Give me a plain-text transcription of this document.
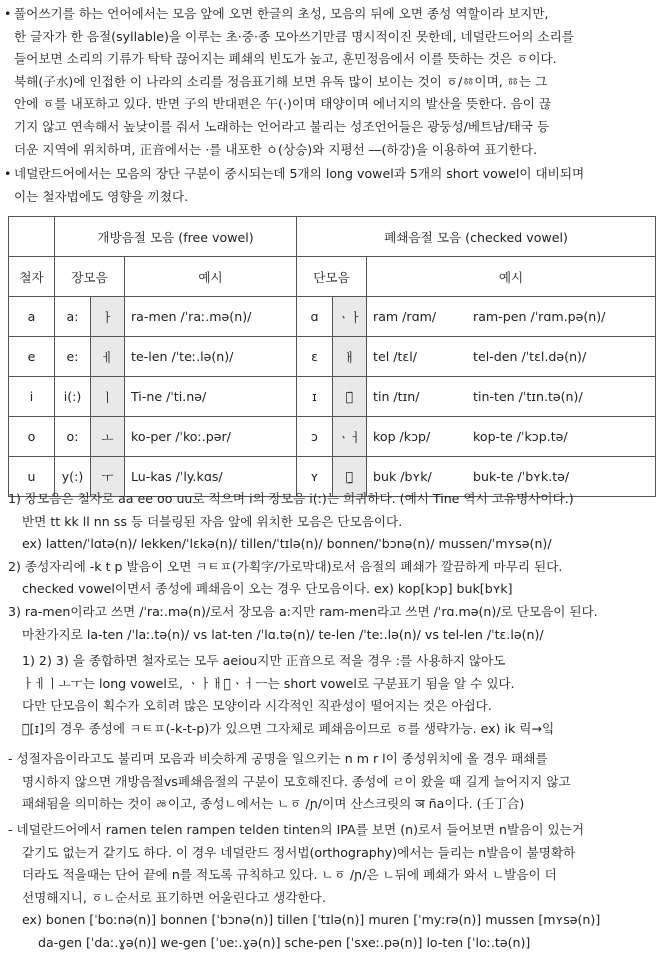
• 풀어쓰기를 하는 언어에서는 모음 앞에 오면 한글의 초성, 모음의 뒤에 오면 종성 역할이라 보지만,
한 글자가 한 음절(syllable)을 이루는 초·중·종 모아쓰기만큼 명시적이진 못한데, 네덜란드어의 소리를
들어보면 소리의 기류가 탁탁 끊어지는 폐쇄의 빈도가 높고, 훈민정음에서 이를 뜻하는 것은 ㆆ이다.
북해(子水)에 인접한 이 나라의 소리를 정음표기해 보면 유독 많이 보이는 것이 ㆆ/ㆅ이며, ㆅ는 그
안에 ㆆ를 내포하고 있다. 반면 子의 반대편은 午(·)이며 태양이며 에너지의 발산을 뜻한다. 음이 끊
기지 않고 연속해서 높낮이를 줘서 노래하는 언어라고 불리는 성조언어들은 광둥성/베트남/태국 등
더운 지역에 위치하며, 正音에서는 ·를 내포한 ㆁ(상승)와 지평선 ―(하강)을 이용하여 표기한다.
• 네덜란드어에서는 모음의 장단 구분이 중시되는데 5개의 long vowel과 5개의 short vowel이 대비되며
이는 철자법에도 영향을 끼쳤다.
	개방음절 모음 (free vowel)			폐쇄음절 모음 (checked vowel)		
철자	장모음		예시	단모음		예시
a	a:	ㅏ	ra-men /ˈraː.mə(n)/	ɑ	ㆍㅏ	ram /rɑm/ ram-pen /ˈrɑm.pə(n)/
e	e:	ㅔ	te-len /ˈteː.lə(n)/	ɛ	ㅐ	tel /tɛl/ tel-den /ˈtɛl.də(n)/
i	i(:)	ㅣ	Ti-ne /ˈti.nə/	ɪ	ㅣ̈	tin /tɪn/ tin-ten /ˈtɪn.tə(n)/
o	o:	ㅗ	ko-per /ˈkoː.pər/	ɔ	ㆍㅓ	kop /kɔp/ kop-te /ˈkɔp.tə/
u	y(:)	ㅜ	Lu-kas /ˈly.kɑs/	ʏ	ㅡ̱	buk /bʏk/ buk-te /ˈbʏk.tə/
1) 장모음은 철자로 aa ee oo uu로 적으며 i의 장모음 i(:)는 희귀하다. (예시 Tine 역시 고유명사이다.)
반면 tt kk ll nn ss 등 더블링된 자음 앞에 위치한 모음은 단모음이다.
ex) latten/ˈlɑtə(n)/ lekken/ˈlɛkə(n)/ tillen/ˈtɪlə(n)/ bonnen/ˈbɔnə(n)/ mussen/ˈmʏsə(n)/
2) 종성자리에 -k t p 발음이 오면 ㅋㅌㅍ(가획字/가로막대)로서 음절의 폐쇄가 깔끔하게 마무리 된다.
checked vowel이면서 종성에 폐쇄음이 오는 경우 단모음이다. ex) kop[kɔp] buk[bʏk]
3) ra-men이라고 쓰면 /ˈraː.mə(n)/로서 장모음 a:지만 ram-men라고 쓰면 /ˈrɑ.mə(n)/로 단모음이 된다.
마찬가지로 la-ten /ˈlaː.tə(n)/ vs lat-ten /ˈlɑ.tə(n)/ te-len /ˈteː.lə(n)/ vs tel-len /ˈtɛ.lə(n)/
1) 2) 3) 을 종합하면 철자로는 모두 aeiou지만 正音으로 적을 경우 :를 사용하지 않아도
ㅏㅔㅣㅗㅜ는 long vowel로, ㆍㅏㅐㅣ̈ㆍㅓㅡ는 short vowel로 구분표기 됨을 알 수 있다.
다만 단모음이 획수가 오히려 많은 모양이라 시각적인 직관성이 떨어지는 것은 아쉽다.
ㅣ̈[ɪ]의 경우 종성에 ㅋㅌㅍ(-k-t-p)가 있으면 그자체로 폐쇄음이므로 ㆆ를 생략가능. ex) ik 릭→잌
- 성절자음이라고도 불리며 모음과 비슷하게 공명을 일으키는 n m r l이 종성위치에 올 경우 패쇄를
명시하지 않으면 개방음절vs폐쇄음절의 구분이 모호해진다. 종성에 ㄹ이 왔을 때 길게 늘어지지 않고
패쇄됨을 의미하는 것이 ㅀ이고, 종성ㄴ에서는 ㄴㆆ /ɲ/이며 산스크릿의 ञ ña이다. (壬丁合)
- 네덜란드어에서 ramen telen rampen telden tinten의 IPA를 보면 (n)로서 들어보면 n발음이 있는거
같기도 없는거 같기도 하다. 이 경우 네덜란드 정서법(orthography)에서는 들리는 n발음이 불명확하
더라도 적을때는 단어 끝에 n를 적도록 규칙하고 있다. ㄴㆆ /ɲ/은 ㄴ뒤에 폐쇄가 와서 ㄴ발음이 더
선명해지니, ㆆㄴ순서로 표기하면 어울린다고 생각한다.
ex) bonen [ˈboːnə(n)] bonnen [ˈbɔnə(n)] tillen [ˈtɪlə(n)] muren [ˈmyːrə(n)] mussen [mʏsə(n)]
da-gen [ˈdaː.ɣə(n)] we-gen [ˈʋeː.ɣə(n)] sche-pen [ˈsxeː.pə(n)] lo-ten [ˈloː.tə(n)]
